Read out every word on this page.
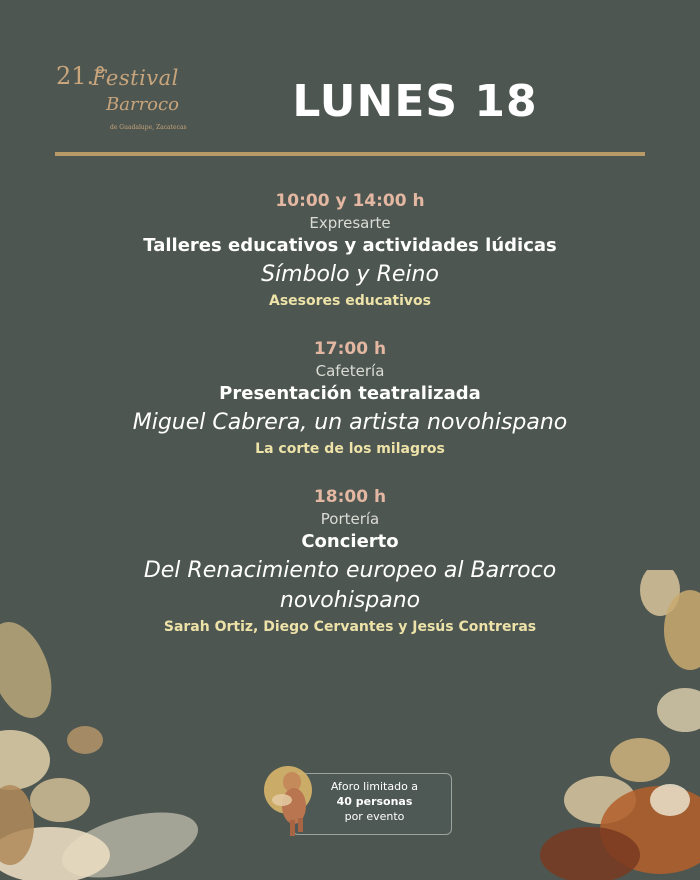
21.°
Festival
Barroco
de Guadalupe, Zacatecas
LUNES 18
10:00 y 14:00 h
Expresarte
Talleres educativos y actividades lúdicas
Símbolo y Reino
Asesores educativos
17:00 h
Cafetería
Presentación teatralizada
Miguel Cabrera, un artista novohispano
La corte de los milagros
18:00 h
Portería
Concierto
Del Renacimiento europeo al Barroco
novohispano
Sarah Ortiz, Diego Cervantes y Jesús Contreras
Aforo limitado a
40 personas
por evento
